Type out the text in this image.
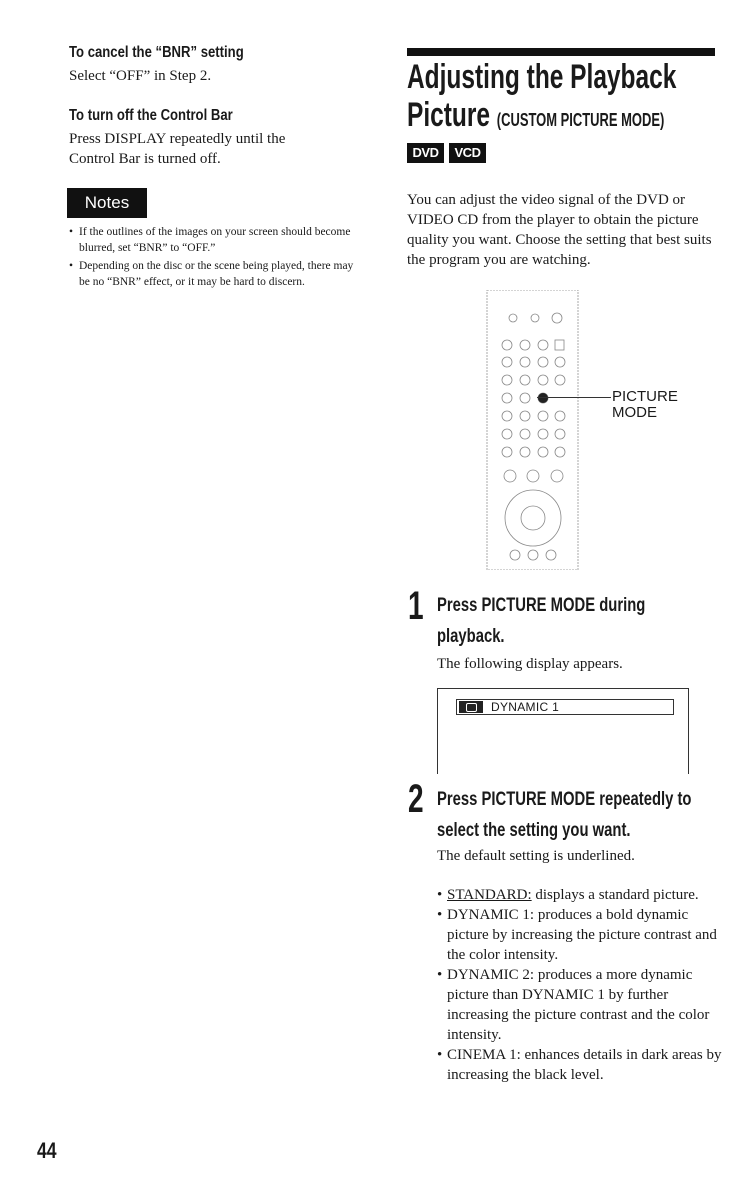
To cancel the “BNR” setting
Select “OFF” in Step 2.
To turn off the Control Bar
Press DISPLAY repeatedly until the Control Bar is turned off.
Notes
• If the outlines of the images on your screen should become blurred, set “BNR” to “OFF.”
• Depending on the disc or the scene being played, there may be no “BNR” effect, or it may be hard to discern.
Adjusting the Playback
Picture (CUSTOM PICTURE MODE)
DVD	VCD
You can adjust the video signal of the DVD or VIDEO CD from the player to obtain the picture quality you want. Choose the setting that best suits the program you are watching.
PICTURE
MODE
1 Press PICTURE MODE during playback.
The following display appears.
DYNAMIC 1
2 Press PICTURE MODE repeatedly to select the setting you want.
The default setting is underlined.
• STANDARD: displays a standard picture.
• DYNAMIC 1: produces a bold dynamic picture by increasing the picture contrast and the color intensity.
• DYNAMIC 2: produces a more dynamic picture than DYNAMIC 1 by further increasing the picture contrast and the color intensity.
• CINEMA 1: enhances details in dark areas by increasing the black level.
44
